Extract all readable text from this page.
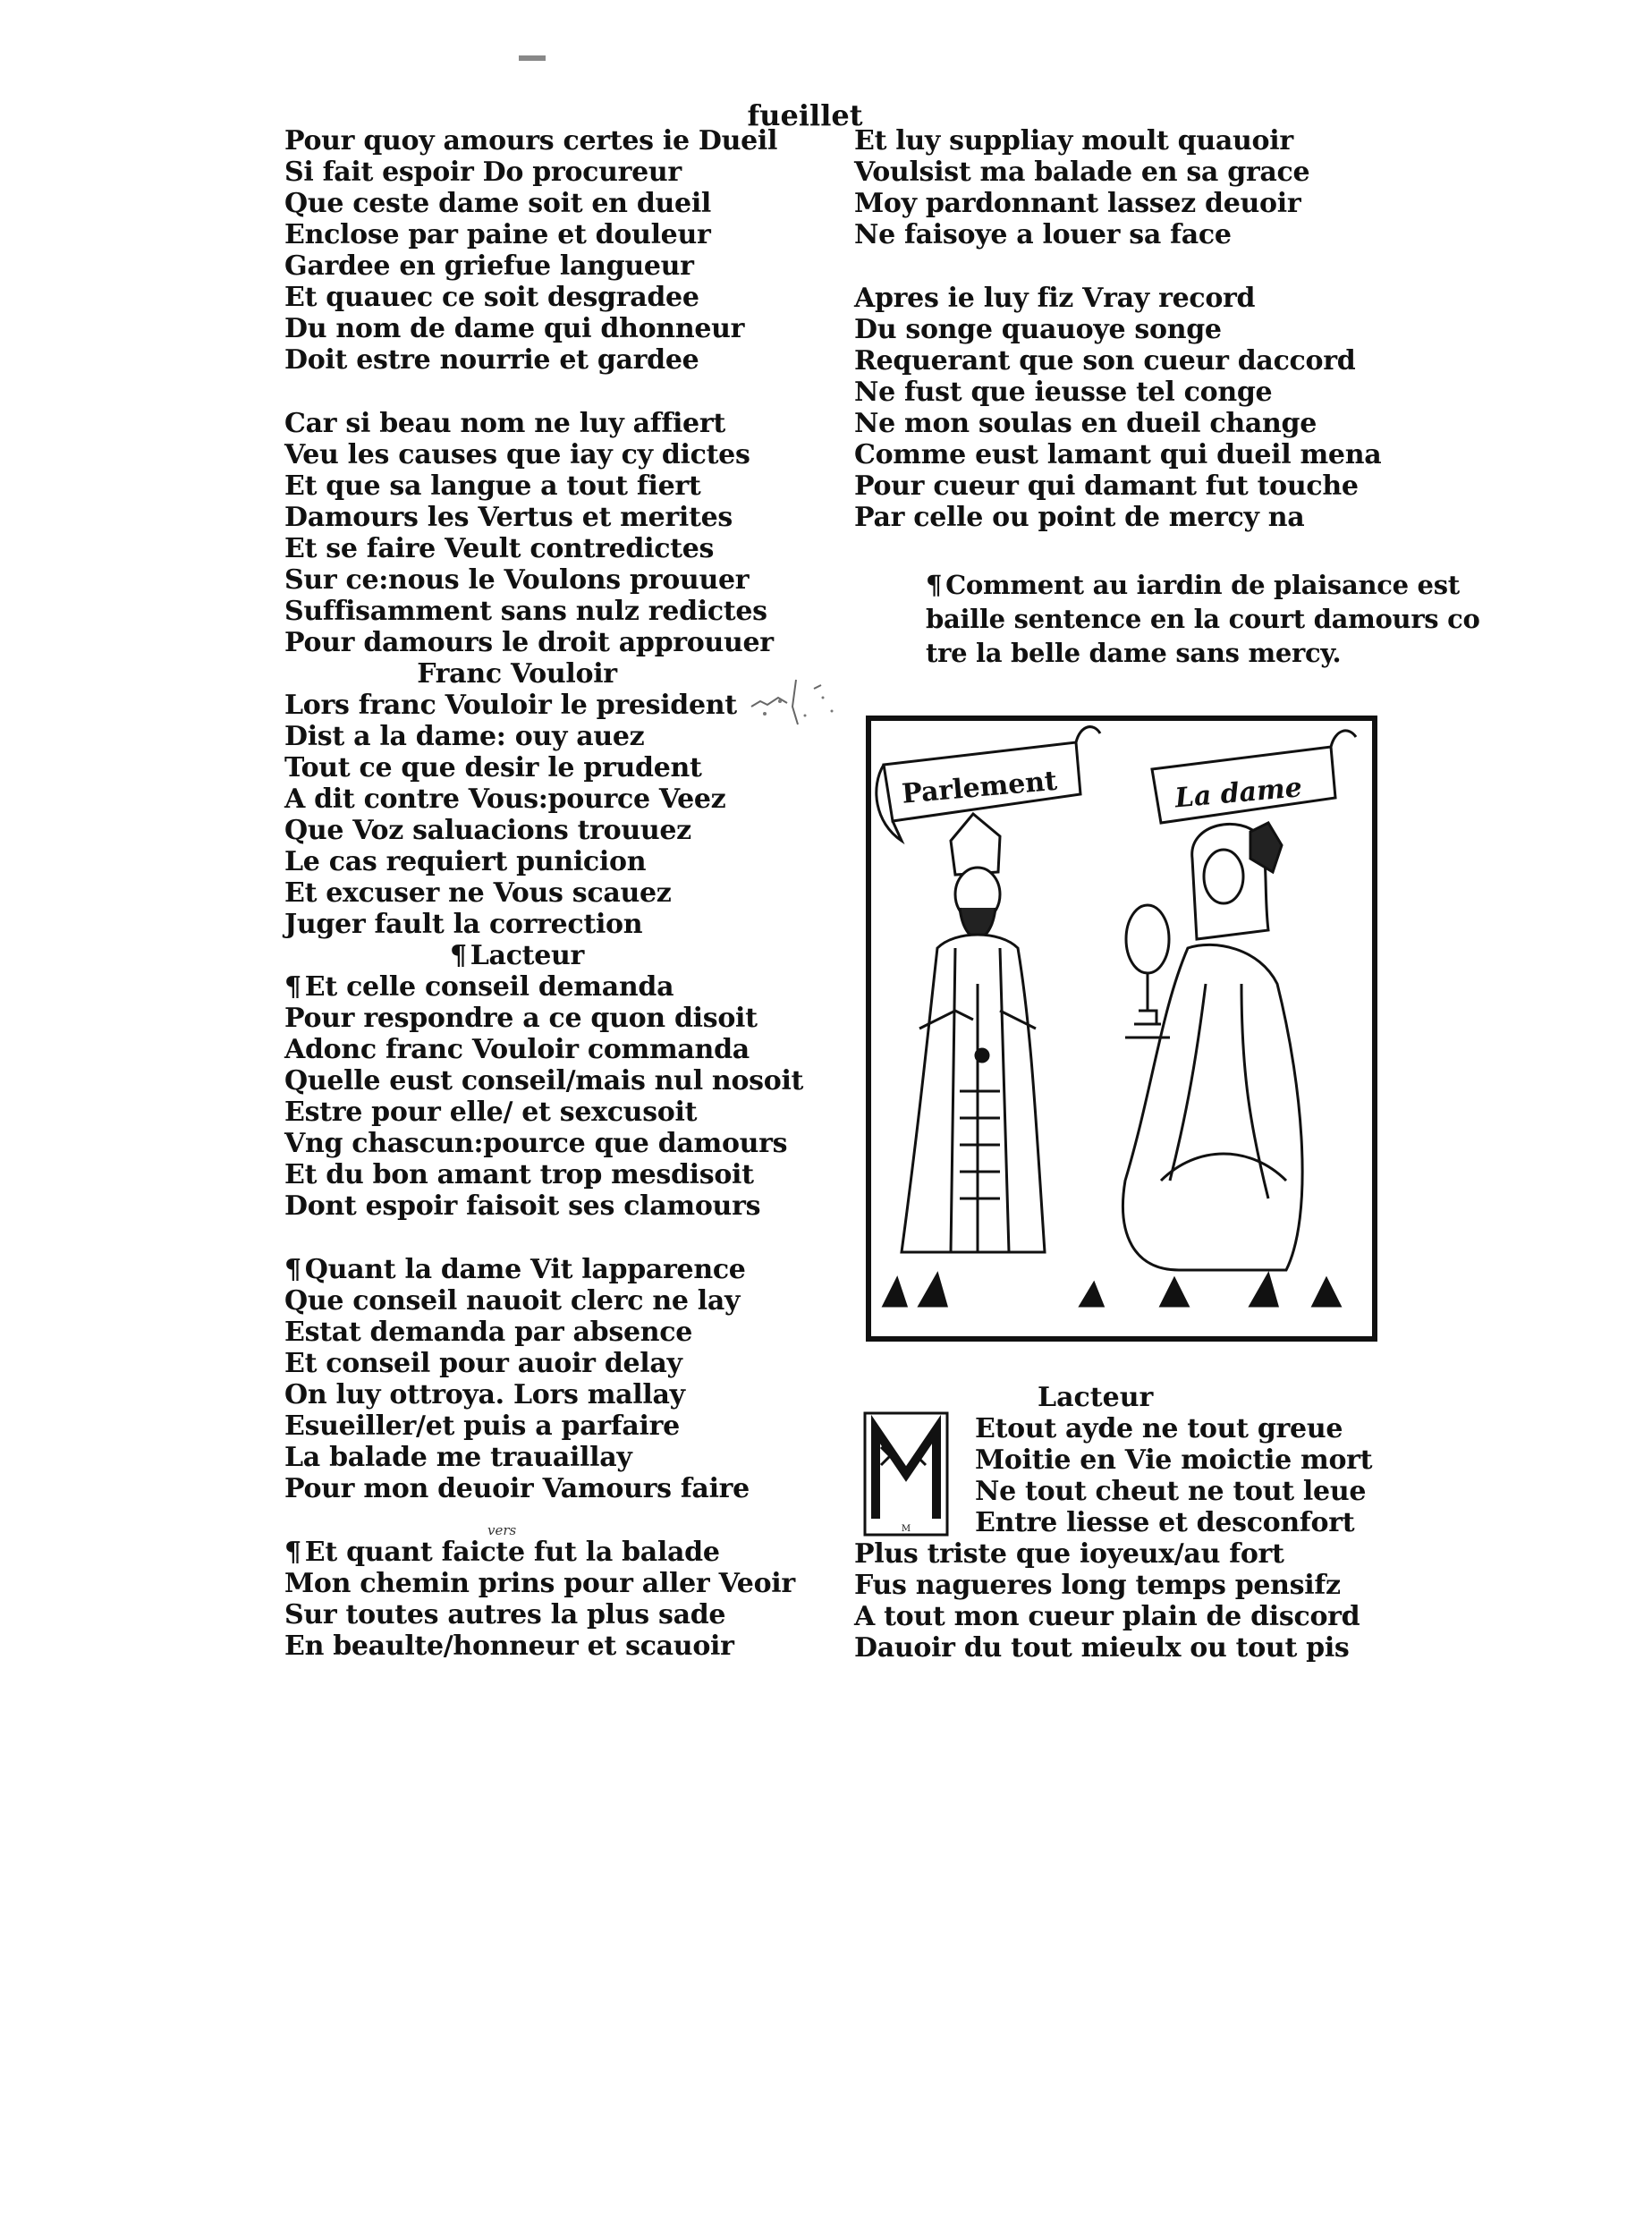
fueillet
Pour quoy amours certes ie Dueil
Si fait espoir Do procureur
Que ceste dame soit en dueil
Enclose par paine et douleur
Gardee en griefue langueur
Et quauec ce soit desgradee
Du nom de dame qui dhonneur
Doit estre nourrie et gardee
Car si beau nom ne luy affiert
Veu les causes que iay cy dictes
Et que sa langue a tout fiert
Damours les Vertus et merites
Et se faire Veult contredictes
Sur ce:nous le Voulons prouuer
Suffisamment sans nulz redictes
Pour damours le droit approuuer
Franc Vouloir
Lors franc Vouloir le president
Dist a la dame: ouy auez
Tout ce que desir le prudent
A dit contre Vous:pource Veez
Que Voz saluacions trouuez
Le cas requiert punicion
Et excuser ne Vous scauez
Juger fault la correction
¶ Lacteur
¶ Et celle conseil demanda
Pour respondre a ce quon disoit
Adonc franc Vouloir commanda
Quelle eust conseil/mais nul nosoit
Estre pour elle/ et sexcusoit
Vng chascun:pource que damours
Et du bon amant trop mesdisoit
Dont espoir faisoit ses clamours
¶ Quant la dame Vit lapparence
Que conseil nauoit clerc ne lay
Estat demanda par absence
Et conseil pour auoir delay
On luy ottroya. Lors mallay
Esueiller/et puis a parfaire
La balade me trauaillay
Pour mon deuoir Vamours faire
¶ Et quant faicte fut la balade
Mon chemin prins pour aller Veoir
Sur toutes autres la plus sade
En beaulte/honneur et scauoir
vers
Et luy suppliay moult quauoir
Voulsist ma balade en sa grace
Moy pardonnant lassez deuoir
Ne faisoye a louer sa face
Apres ie luy fiz Vray record
Du songe quauoye songe
Requerant que son cueur daccord
Ne fust que ieusse tel conge
Ne mon soulas en dueil change
Comme eust lamant qui dueil mena
Pour cueur qui damant fut touche
Par celle ou point de mercy na
¶ Comment au iardin de plaisance est
baille sentence en la court damours co
tre la belle dame sans mercy.
Parlement	La dame
Lacteur
M
Etout ayde ne tout greue
Moitie en Vie moictie mort
Ne tout cheut ne tout leue
Entre liesse et desconfort
Plus triste que ioyeux/au fort
Fus nagueres long temps pensifz
A tout mon cueur plain de discord
Dauoir du tout mieulx ou tout pis
